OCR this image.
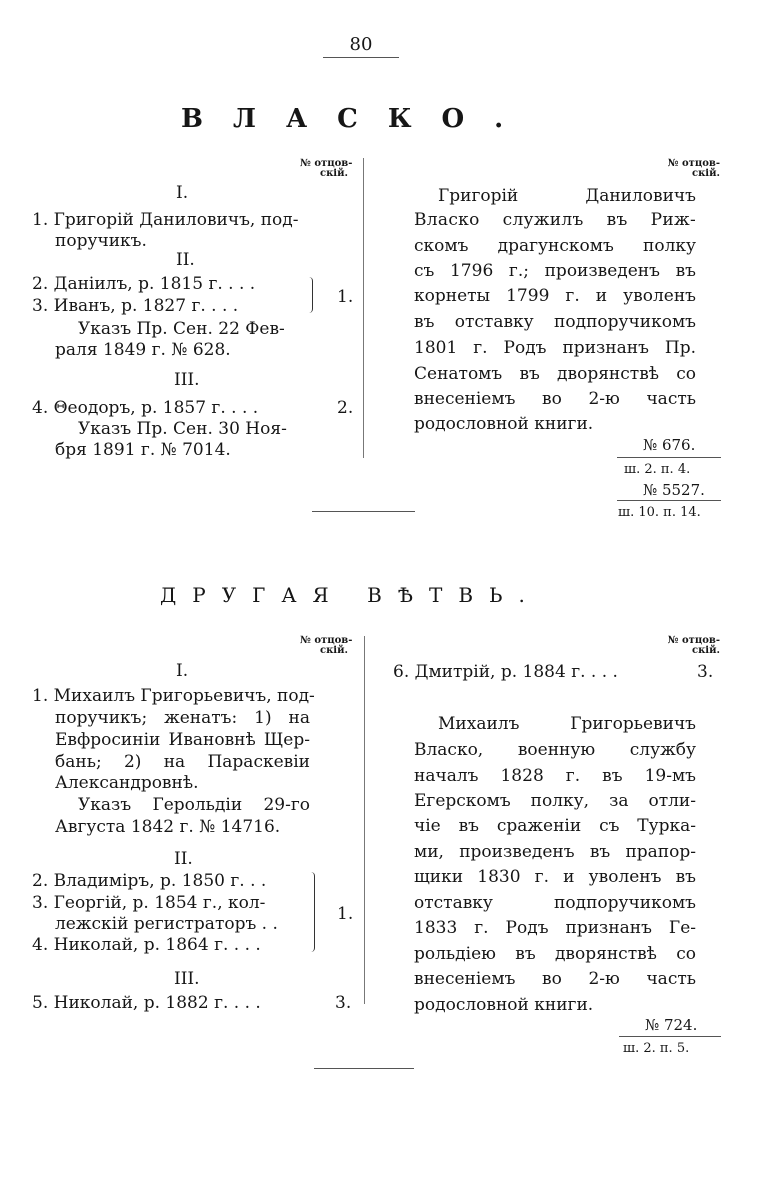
80
ВЛАСКО.
№ отцов-
скій.
№ отцов-
скій.
I.
1. Григорій Даниловичъ, под-
поручикъ.
II.
2. Даніилъ, р. 1815 г. . . .
3. Иванъ, р. 1827 г. . . .	1.
Указъ Пр. Сен. 22 Фев-
раля 1849 г. № 628.
III.
4. Θеодоръ, р. 1857 г. . . .	2.
Указъ Пр. Сен. 30 Ноя-
бря 1891 г. № 7014.
Григорій Даниловичъ
Власко служилъ въ Риж-
скомъ драгунскомъ полку
съ 1796 г.; произведенъ въ
корнеты 1799 г. и уволенъ
въ отставку подпоручикомъ
1801 г. Родъ признанъ Пр.
Сенатомъ въ дворянствѣ со
внесеніемъ во 2-ю часть
родословной книги.
№ 676.
ш. 2. п. 4.
№ 5527.
ш. 10. п. 14.
ДРУГАЯ ВѢТВЬ.
№ отцов-
скій.
№ отцов-
скій.
I.
1. Михаилъ Григорьевичъ, под-
поручикъ; женатъ: 1) на
Евфросиніи Ивановнѣ Щер-
бань; 2) на Параскевіи
Александровнѣ.
Указъ Герольдіи 29-го
Августа 1842 г. № 14716.
II.
2. Владиміръ, р. 1850 г. . .
3. Георгій, р. 1854 г., кол-
лежскій регистраторъ . .
4. Николай, р. 1864 г. . . .
1.
III.
5. Николай, р. 1882 г. . . .	3.
6. Дмитрій, р. 1884 г. . . .	3.
Михаилъ Григорьевичъ
Власко, военную службу
началъ 1828 г. въ 19-мъ
Егерскомъ полку, за отли-
чіе въ сраженіи съ Турка-
ми, произведенъ въ прапор-
щики 1830 г. и уволенъ въ
отставку подпоручикомъ
1833 г. Родъ признанъ Ге-
рольдіею въ дворянствѣ со
внесеніемъ во 2-ю часть
родословной книги.
№ 724.
ш. 2. п. 5.
